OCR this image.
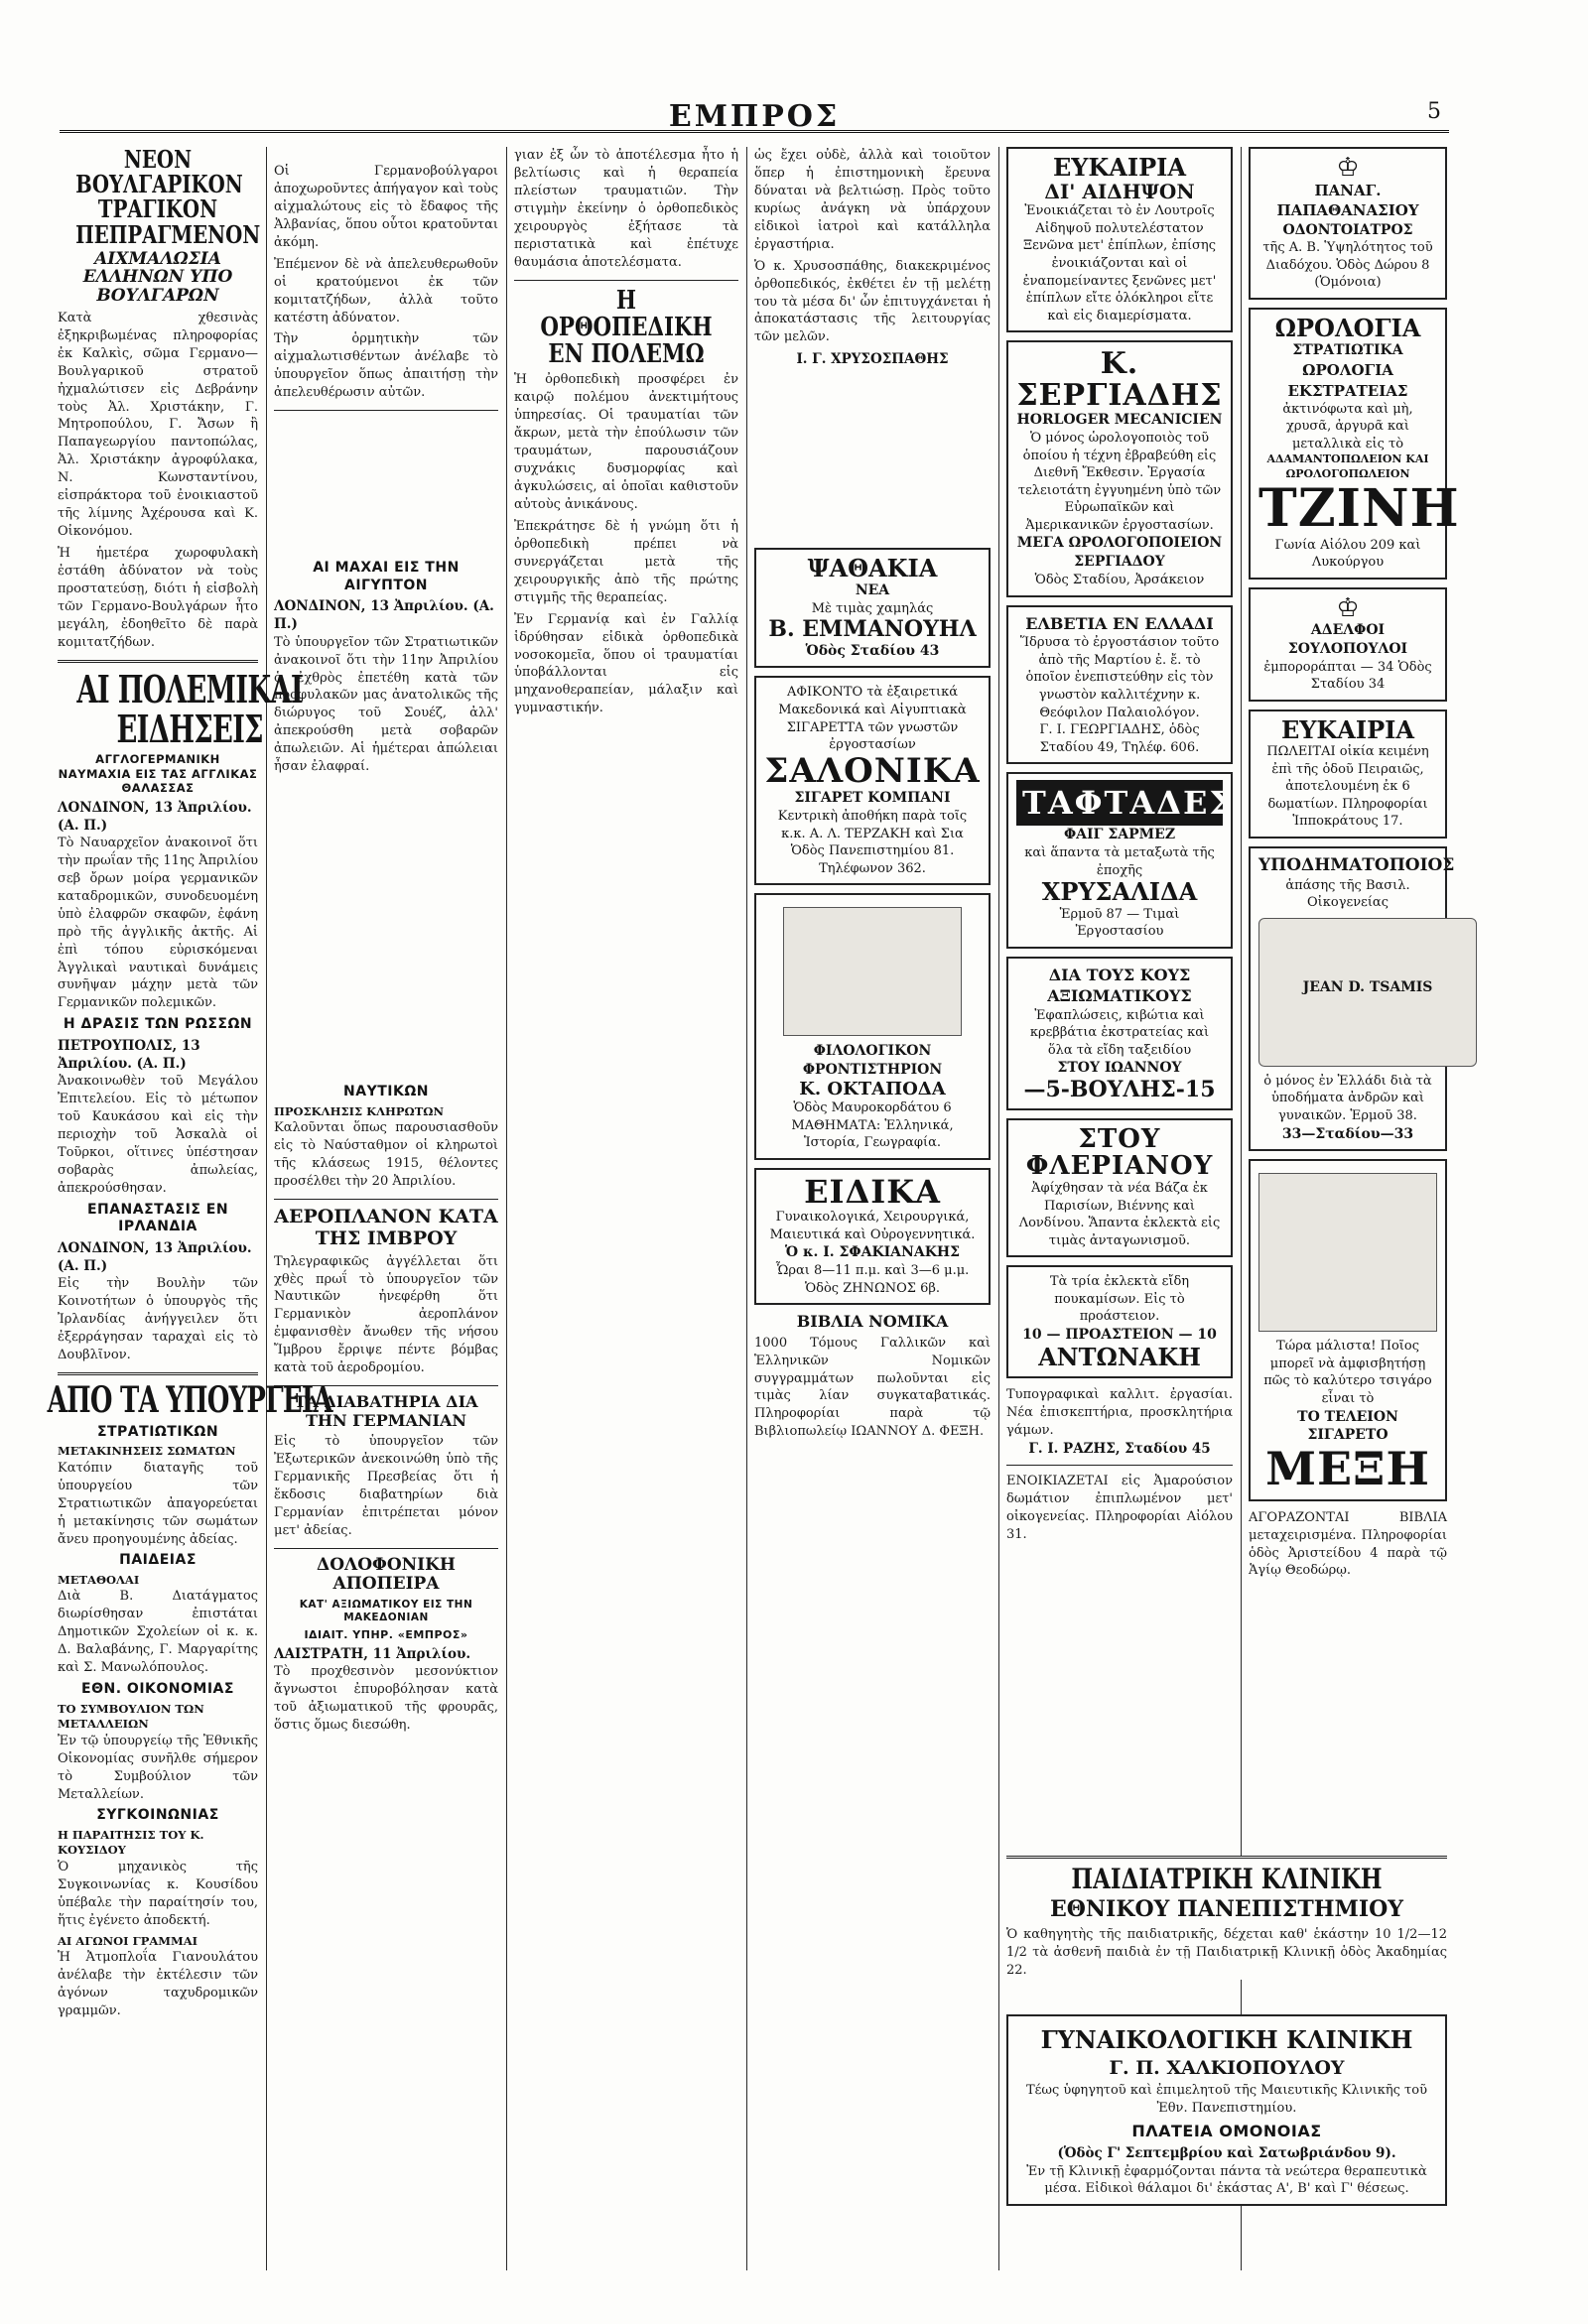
ΕΜΠΡΟΣ	5
ΝΕΟΝ ΒΟΥΛΓΑΡΙΚΟΝ ΤΡΑΓΙΚΟΝ ΠΕΠΡΑΓΜΕΝΟΝ
ΑΙΧΜΑΛΩΣΙΑ ΕΛΛΗΝΩΝ ΥΠΟ ΒΟΥΛΓΑΡΩΝ
Κατὰ χθεσινὰς ἐξηκριβωμένας πληροφορίας ἐκ Καλκὶς, σῶμα Γερμανο—Βουλγαρικοῦ στρατοῦ ἠχμαλώτισεν εἰς Δεβράνην τοὺς Ἀλ. Χριστάκην, Γ. Μητροπούλου, Γ. Ἄσων ἢ Παπαγεωργίου παντοπώλας, Ἀλ. Χριστάκην ἀγροφύλακα, Ν. Κωνσταντίνου, εἰσπράκτορα τοῦ ἐνοικιαστοῦ τῆς λίμνης Ἀχέρουσα καὶ Κ. Οἰκονόμου.
Ἡ ἡμετέρα χωροφυλακὴ ἐστάθη ἀδύνατον νὰ τοὺς προστατεύσῃ, διότι ἡ εἰσβολὴ τῶν Γερμανο-Βουλγάρων ἦτο μεγάλη, ἐδοηθεῖτο δὲ παρὰ κομιτατζήδων.
ΑΙ ΠΟΛΕΜΙΚΑΙ ΕΙΔΗΣΕΙΣ
ΑΓΓΛΟΓΕΡΜΑΝΙΚΗ ΝΑΥΜΑΧΙΑ ΕΙΣ ΤΑΣ ΑΓΓΛΙΚΑΣ ΘΑΛΑΣΣΑΣ
ΛΟΝΔΙΝΟΝ, 13 Ἀπριλίου. (Α. Π.)
Τὸ Ναυαρχεῖον ἀνακοινοῖ ὅτι τὴν πρωΐαν τῆς 11ης Ἀπριλίου σεβ ὄρων μοίρα γερμανικῶν καταδρομικῶν, συνοδευομένη ὑπὸ ἐλαφρῶν σκαφῶν, ἐφάνη πρὸ τῆς ἀγγλικῆς ἀκτῆς. Αἱ ἐπὶ τόπου εὑρισκόμεναι Ἀγγλικαὶ ναυτικαὶ δυνάμεις συνῆψαν μάχην μετὰ τῶν Γερμανικῶν πολεμικῶν.
Η ΔΡΑΣΙΣ ΤΩΝ ΡΩΣΣΩΝ
ΠΕΤΡΟΥΠΟΛΙΣ, 13 Ἀπριλίου. (Α. Π.)
Ἀνακοινωθὲν τοῦ Μεγάλου Ἐπιτελείου. Εἰς τὸ μέτωπον τοῦ Καυκάσου καὶ εἰς τὴν περιοχὴν τοῦ Ἀσκαλὰ οἱ Τοῦρκοι, οἵτινες ὑπέστησαν σοβαρὰς ἀπωλείας, ἀπεκρούσθησαν.
ΕΠΑΝΑΣΤΑΣΙΣ ΕΝ ΙΡΛΑΝΔΙΑ
ΛΟΝΔΙΝΟΝ, 13 Ἀπριλίου. (Α. Π.)
Εἰς τὴν Βουλὴν τῶν Κοινοτήτων ὁ ὑπουργὸς τῆς Ἰρλανδίας ἀνήγγειλεν ὅτι ἐξερράγησαν ταραχαὶ εἰς τὸ Δουβλῖνον.
ΑΠΟ ΤΑ ΥΠΟΥΡΓΕΙΑ
ΣΤΡΑΤΙΩΤΙΚΩΝ
ΜΕΤΑΚΙΝΗΣΕΙΣ ΣΩΜΑΤΩΝ
Κατόπιν διαταγῆς τοῦ ὑπουργείου τῶν Στρατιωτικῶν ἀπαγορεύεται ἡ μετακίνησις τῶν σωμάτων ἄνευ προηγουμένης ἀδείας.
ΠΑΙΔΕΙΑΣ
ΜΕΤΑΘΟΛΑΙ
Διὰ Β. Διατάγματος διωρίσθησαν ἐπιστάται Δημοτικῶν Σχολείων οἱ κ. κ. Δ. Βαλαβάνης, Γ. Μαργαρίτης καὶ Σ. Μανωλόπουλος.
ΕΘΝ. ΟΙΚΟΝΟΜΙΑΣ
ΤΟ ΣΥΜΒΟΥΛΙΟΝ ΤΩΝ ΜΕΤΑΛΛΕΙΩΝ
Ἐν τῷ ὑπουργείῳ τῆς Ἐθνικῆς Οἰκονομίας συνῆλθε σήμερον τὸ Συμβούλιον τῶν Μεταλλείων.
ΣΥΓΚΟΙΝΩΝΙΑΣ
Η ΠΑΡΑΙΤΗΣΙΣ ΤΟΥ Κ. ΚΟΥΣΙΔΟΥ
Ὁ μηχανικὸς τῆς Συγκοινωνίας κ. Κουσίδου ὑπέβαλε τὴν παραίτησίν του, ἥτις ἐγένετο ἀποδεκτή.
ΑΙ ΑΓΩΝΟΙ ΓΡΑΜΜΑΙ
Ἡ Ἀτμοπλοΐα Γιανουλάτου ἀνέλαβε τὴν ἐκτέλεσιν τῶν ἀγόνων ταχυδρομικῶν γραμμῶν.
Οἱ Γερμανοβούλγαροι ἀποχωροῦντες ἀπήγαγον καὶ τοὺς αἰχμαλώτους εἰς τὸ ἔδαφος τῆς Ἀλβανίας, ὅπου οὗτοι κρατοῦνται ἀκόμη.
Ἐπέμενον δὲ νὰ ἀπελευθερωθοῦν οἱ κρατούμενοι ἐκ τῶν κομιτατζήδων, ἀλλὰ τοῦτο κατέστη ἀδύνατον.
Τὴν ὁρμητικὴν τῶν αἰχμαλωτισθέντων ἀνέλαβε τὸ ὑπουργεῖον ὅπως ἀπαιτήσῃ τὴν ἀπελευθέρωσιν αὐτῶν.
ΑΙ ΜΑΧΑΙ ΕΙΣ ΤΗΝ ΑΙΓΥΠΤΟΝ
ΛΟΝΔΙΝΟΝ, 13 Ἀπριλίου. (Α. Π.)
Τὸ ὑπουργεῖον τῶν Στρατιωτικῶν ἀνακοινοῖ ὅτι τὴν 11ην Ἀπριλίου ὁ ἐχθρὸς ἐπετέθη κατὰ τῶν προφυλακῶν μας ἀνατολικῶς τῆς διώρυγος τοῦ Σουέζ, ἀλλ' ἀπεκρούσθη μετὰ σοβαρῶν ἀπωλειῶν. Αἱ ἡμέτεραι ἀπώλειαι ἦσαν ἐλαφραί.
ΝΑΥΤΙΚΩΝ
ΠΡΟΣΚΛΗΣΙΣ ΚΛΗΡΩΤΩΝ
Καλοῦνται ὅπως παρουσιασθοῦν εἰς τὸ Ναύσταθμον οἱ κληρωτοὶ τῆς κλάσεως 1915, θέλοντες προσέλθει τὴν 20 Ἀπριλίου.
ΑΕΡΟΠΛΑΝΟΝ ΚΑΤΑ ΤΗΣ ΙΜΒΡΟΥ
Τηλεγραφικῶς ἀγγέλλεται ὅτι χθὲς πρωΐ τὸ ὑπουργεῖον τῶν Ναυτικῶν ἠνεφέρθη ὅτι Γερμανικὸν ἀεροπλάνον ἐμφανισθὲν ἄνωθεν τῆς νήσου Ἴμβρου ἔρριψε πέντε βόμβας κατὰ τοῦ ἀεροδρομίου.
ΤΑ ΔΙΑΒΑΤΗΡΙΑ ΔΙΑ ΤΗΝ ΓΕΡΜΑΝΙΑΝ
Εἰς τὸ ὑπουργεῖον τῶν Ἐξωτερικῶν ἀνεκοινώθη ὑπὸ τῆς Γερμανικῆς Πρεσβείας ὅτι ἡ ἔκδοσις διαβατηρίων διὰ Γερμανίαν ἐπιτρέπεται μόνον μετ' ἀδείας.
ΔΟΛΟΦΟΝΙΚΗ ΑΠΟΠΕΙΡΑ
ΚΑΤ' ΑΞΙΩΜΑΤΙΚΟΥ ΕΙΣ ΤΗΝ ΜΑΚΕΔΟΝΙΑΝ
ΙΔΙΑΙΤ. ΥΠΗΡ. «ΕΜΠΡΟΣ»
ΛΑΙΣΤΡΑΤΗ, 11 Ἀπριλίου.
Τὸ προχθεσινὸν μεσονύκτιον ἄγνωστοι ἐπυροβόλησαν κατὰ τοῦ ἀξιωματικοῦ τῆς φρουρᾶς, ὅστις ὅμως διεσώθη.
γιαν ἐξ ὧν τὸ ἀποτέλεσμα ἦτο ἡ βελτίωσις καὶ ἡ θεραπεία πλείστων τραυματιῶν. Τὴν στιγμὴν ἐκείνην ὁ ὀρθοπεδικὸς χειρουργὸς ἐξήτασε τὰ περιστατικὰ καὶ ἐπέτυχε θαυμάσια ἀποτελέσματα.
Η ΟΡΘΟΠΕΔΙΚΗ ΕΝ ΠΟΛΕΜΩ
Ἡ ὀρθοπεδικὴ προσφέρει ἐν καιρῷ πολέμου ἀνεκτιμήτους ὑπηρεσίας. Οἱ τραυματίαι τῶν ἄκρων, μετὰ τὴν ἐπούλωσιν τῶν τραυμάτων, παρουσιάζουν συχνάκις δυσμορφίας καὶ ἀγκυλώσεις, αἱ ὁποῖαι καθιστοῦν αὐτοὺς ἀνικάνους.
Ἐπεκράτησε δὲ ἡ γνώμη ὅτι ἡ ὀρθοπεδικὴ πρέπει νὰ συνεργάζεται μετὰ τῆς χειρουργικῆς ἀπὸ τῆς πρώτης στιγμῆς τῆς θεραπείας.
Ἐν Γερμανίᾳ καὶ ἐν Γαλλίᾳ ἱδρύθησαν εἰδικὰ ὀρθοπεδικὰ νοσοκομεῖα, ὅπου οἱ τραυματίαι ὑποβάλλονται εἰς μηχανοθεραπείαν, μάλαξιν καὶ γυμναστικήν.
ὡς ἔχει οὐδὲ, ἀλλὰ καὶ τοιοῦτον ὅπερ ἡ ἐπιστημονικὴ ἔρευνα δύναται νὰ βελτιώσῃ. Πρὸς τοῦτο κυρίως ἀνάγκη νὰ ὑπάρχουν εἰδικοὶ ἰατροὶ καὶ κατάλληλα ἐργαστήρια.
Ὁ κ. Χρυσοσπάθης, διακεκριμένος ὀρθοπεδικός, ἐκθέτει ἐν τῇ μελέτῃ του τὰ μέσα δι' ὧν ἐπιτυγχάνεται ἡ ἀποκατάστασις τῆς λειτουργίας τῶν μελῶν.
Ι. Γ. ΧΡΥΣΟΣΠΑΘΗΣ
ΨΑΘΑΚΙΑ
ΝΕΑ
Μὲ τιμὰς χαμηλάς
Β. ΕΜΜΑΝΟΥΗΛ
Ὁδὸς Σταδίου 43
ΑΦΙΚΟΝΤΟ τὰ ἐξαιρετικά Μακεδονικά καὶ Αἰγυπτιακὰ ΣΙΓΑΡΕΤΤΑ τῶν γνωστῶν ἐργοστασίων
ΣΑΛΟΝΙΚΑ
ΣΙΓΑΡΕΤ ΚΟΜΠΑΝΙ
Κεντρικὴ ἀποθήκη παρὰ τοῖς κ.κ. Α. Λ. ΤΕΡΖΑΚΗ καὶ Σια Ὁδὸς Πανεπιστημίου 81. Τηλέφωνον 362.
ΦΙΛΟΛΟΓΙΚΟΝ ΦΡΟΝΤΙΣΤΗΡΙΟΝ
Κ. ΟΚΤΑΠΟΔΑ
Ὁδὸς Μαυροκορδάτου 6
ΜΑΘΗΜΑΤΑ: Ἑλληνικά, Ἱστορία, Γεωγραφία.
ΕΙΔΙΚΑ
Γυναικολογικά, Χειρουργικά, Μαιευτικά καὶ Οὐρογεννητικά.
Ὁ κ. Ι. ΣΦΑΚΙΑΝΑΚΗΣ
Ὧραι 8—11 π.μ. καὶ 3—6 μ.μ. Ὁδὸς ΖΗΝΩΝΟΣ 6β.
ΒΙΒΛΙΑ ΝΟΜΙΚΑ
1000 Τόμους Γαλλικῶν καὶ Ἑλληνικῶν Νομικῶν συγγραμμάτων πωλοῦνται εἰς τιμὰς λίαν συγκαταβατικάς. Πληροφορίαι παρὰ τῷ Βιβλιοπωλείῳ ΙΩΑΝΝΟΥ Δ. ΦΕΞΗ.
ΕΥΚΑΙΡΙΑ
ΔΙ' ΑΙΔΗΨΟΝ
Ἐνοικιάζεται τὸ ἐν Λουτροῖς Αἰδηψοῦ πολυτελέστατον Ξενῶνα μετ' ἐπίπλων, ἐπίσης ἐνοικιάζονται καὶ οἱ ἐναπομείναντες ξενῶνες μετ' ἐπίπλων εἴτε ὁλόκληροι εἴτε καὶ εἰς διαμερίσματα.
Κ. ΣΕΡΓΙΑΔΗΣ
HORLOGER MECANICIEN
Ὁ μόνος ὡρολογοποιὸς τοῦ ὁποίου ἡ τέχνη ἐβραβεύθη εἰς Διεθνῆ Ἔκθεσιν. Ἐργασία τελειοτάτη ἐγγυημένη ὑπὸ τῶν Εὐρωπαϊκῶν καὶ Ἀμερικανικῶν ἐργοστασίων.
ΜΕΓΑ ΩΡΟΛΟΓΟΠΟΙΕΙΟΝ ΣΕΡΓΙΑΔΟΥ
Ὁδὸς Σταδίου, Ἀρσάκειον
ΕΛΒΕΤΙΑ ΕΝ ΕΛΛΑΔΙ
Ἵδρυσα τὸ ἐργοστάσιον τοῦτο ἀπὸ τῆς Μαρτίου ἐ. ἔ. τὸ ὁποῖον ἐνεπιστεύθην εἰς τὸν γνωστὸν καλλιτέχνην κ. Θεόφιλον Παλαιολόγον.
Γ. Ι. ΓΕΩΡΓΙΑΔΗΣ, ὁδὸς Σταδίου 49, Τηλέφ. 606.
ΤΑΦΤΑΔΕΣ
ΦΑΙΓ ΣΑΡΜΕΖ
καὶ ἅπαντα τὰ μεταξωτὰ τῆς ἐποχῆς
ΧΡΥΣΑΛΙΔΑ
Ἑρμοῦ 87 — Τιμαὶ Ἐργοστασίου
ΔΙΑ ΤΟΥΣ ΚΟΥΣ ΑΞΙΩΜΑΤΙΚΟΥΣ
Ἐφαπλώσεις, κιβώτια καὶ κρεββάτια ἐκστρατείας καὶ ὅλα τὰ εἴδη ταξειδίου
ΣΤΟΥ ΙΩΑΝΝΟΥ
—5-ΒΟΥΛΗΣ-15
ΣΤΟΥ ΦΛΕΡΙΑΝΟΥ
Ἀφίχθησαν τὰ νέα Βάζα ἐκ Παρισίων, Βιέννης καὶ Λονδίνου. Ἅπαντα ἐκλεκτὰ εἰς τιμὰς ἀνταγωνισμοῦ.
Τὰ τρία ἐκλεκτὰ εἴδη πουκαμίσων. Εἰς τὸ προάστειον.
10 — ΠΡΟΑΣΤΕΙΟΝ — 10
ΑΝΤΩΝΑΚΗ
Τυπογραφικαὶ καλλιτ. ἐργασίαι. Νέα ἐπισκεπτήρια, προσκλητήρια γάμων.
Γ. Ι. ΡΑΖΗΣ, Σταδίου 45
ΕΝΟΙΚΙΑΖΕΤΑΙ εἰς Ἀμαρούσιον δωμάτιον ἐπιπλωμένον μετ' οἰκογενείας. Πληροφορίαι Αἰόλου 31.
♔
ΠΑΝΑΓ. ΠΑΠΑΘΑΝΑΣΙΟΥ
ΟΔΟΝΤΟΙΑΤΡΟΣ
τῆς Α. Β. Ὑψηλότητος τοῦ Διαδόχου. Ὁδὸς Δώρου 8 (Ὁμόνοια)
ΩΡΟΛΟΓΙΑ
ΣΤΡΑΤΙΩΤΙΚΑ
ΩΡΟΛΟΓΙΑ ΕΚΣΤΡΑΤΕΙΑΣ
ἀκτινόφωτα καὶ μὴ, χρυσᾶ, ἀργυρᾶ καὶ μεταλλικὰ εἰς τὸ
ΑΔΑΜΑΝΤΟΠΩΛΕΙΟΝ ΚΑΙ ΩΡΟΛΟΓΟΠΩΛΕΙΟΝ
ΤΖΙΝΗ
Γωνία Αἰόλου 209 καὶ Λυκούργου
♔
ΑΔΕΛΦΟΙ ΣΟΥΛΟΠΟΥΛΟΙ
ἐμποροράπται — 34 Ὁδὸς Σταδίου 34
ΕΥΚΑΙΡΙΑ
ΠΩΛΕΙΤΑΙ οἰκία κειμένη ἐπὶ τῆς ὁδοῦ Πειραιῶς, ἀποτελουμένη ἐκ 6 δωματίων. Πληροφορίαι Ἱπποκράτους 17.
ΥΠΟΔΗΜΑΤΟΠΟΙΟΣ
ἁπάσης τῆς Βασιλ. Οἰκογενείας
JEAN D. TSAMIS
ὁ μόνος ἐν Ἑλλάδι διὰ τὰ ὑποδήματα ἀνδρῶν καὶ γυναικῶν. Ἑρμοῦ 38.
33—Σταδίου—33
Τώρα μάλιστα! Ποῖος μπορεῖ νὰ ἀμφισβητήσῃ πῶς τὸ καλύτερο τσιγάρο εἶναι τὸ
ΤΟ ΤΕΛΕΙΟΝ ΣΙΓΑΡΕΤΟ
ΜΕΞΗ
ΑΓΟΡΑΖΟΝΤΑΙ ΒΙΒΛΙΑ μεταχειρισμένα. Πληροφορίαι ὁδὸς Ἀριστείδου 4 παρὰ τῷ Ἁγίῳ Θεοδώρῳ.
ΠΑΙΔΙΑΤΡΙΚΗ ΚΛΙΝΙΚΗ
ΕΘΝΙΚΟΥ ΠΑΝΕΠΙΣΤΗΜΙΟΥ
Ὁ καθηγητὴς τῆς παιδιατρικῆς, δέχεται καθ' ἑκάστην 10 1/2—12 1/2 τὰ ἀσθενῆ παιδιὰ ἐν τῇ Παιδιατρικῇ Κλινικῇ ὁδὸς Ἀκαδημίας 22.
ΓΥΝΑΙΚΟΛΟΓΙΚΗ ΚΛΙΝΙΚΗ
Γ. Π. ΧΑΛΚΙΟΠΟΥΛΟΥ
Τέως ὑφηγητοῦ καὶ ἐπιμελητοῦ τῆς Μαιευτικῆς Κλινικῆς τοῦ Ἐθν. Πανεπιστημίου.
ΠΛΑΤΕΙΑ ΟΜΟΝΟΙΑΣ
(Ὁδὸς Γ' Σεπτεμβρίου καὶ Σατωβριάνδου 9).
Ἐν τῇ Κλινικῇ ἐφαρμόζονται πάντα τὰ νεώτερα θεραπευτικὰ μέσα. Εἰδικοὶ θάλαμοι δι' ἑκάστας Α', Β' καὶ Γ' θέσεως.
